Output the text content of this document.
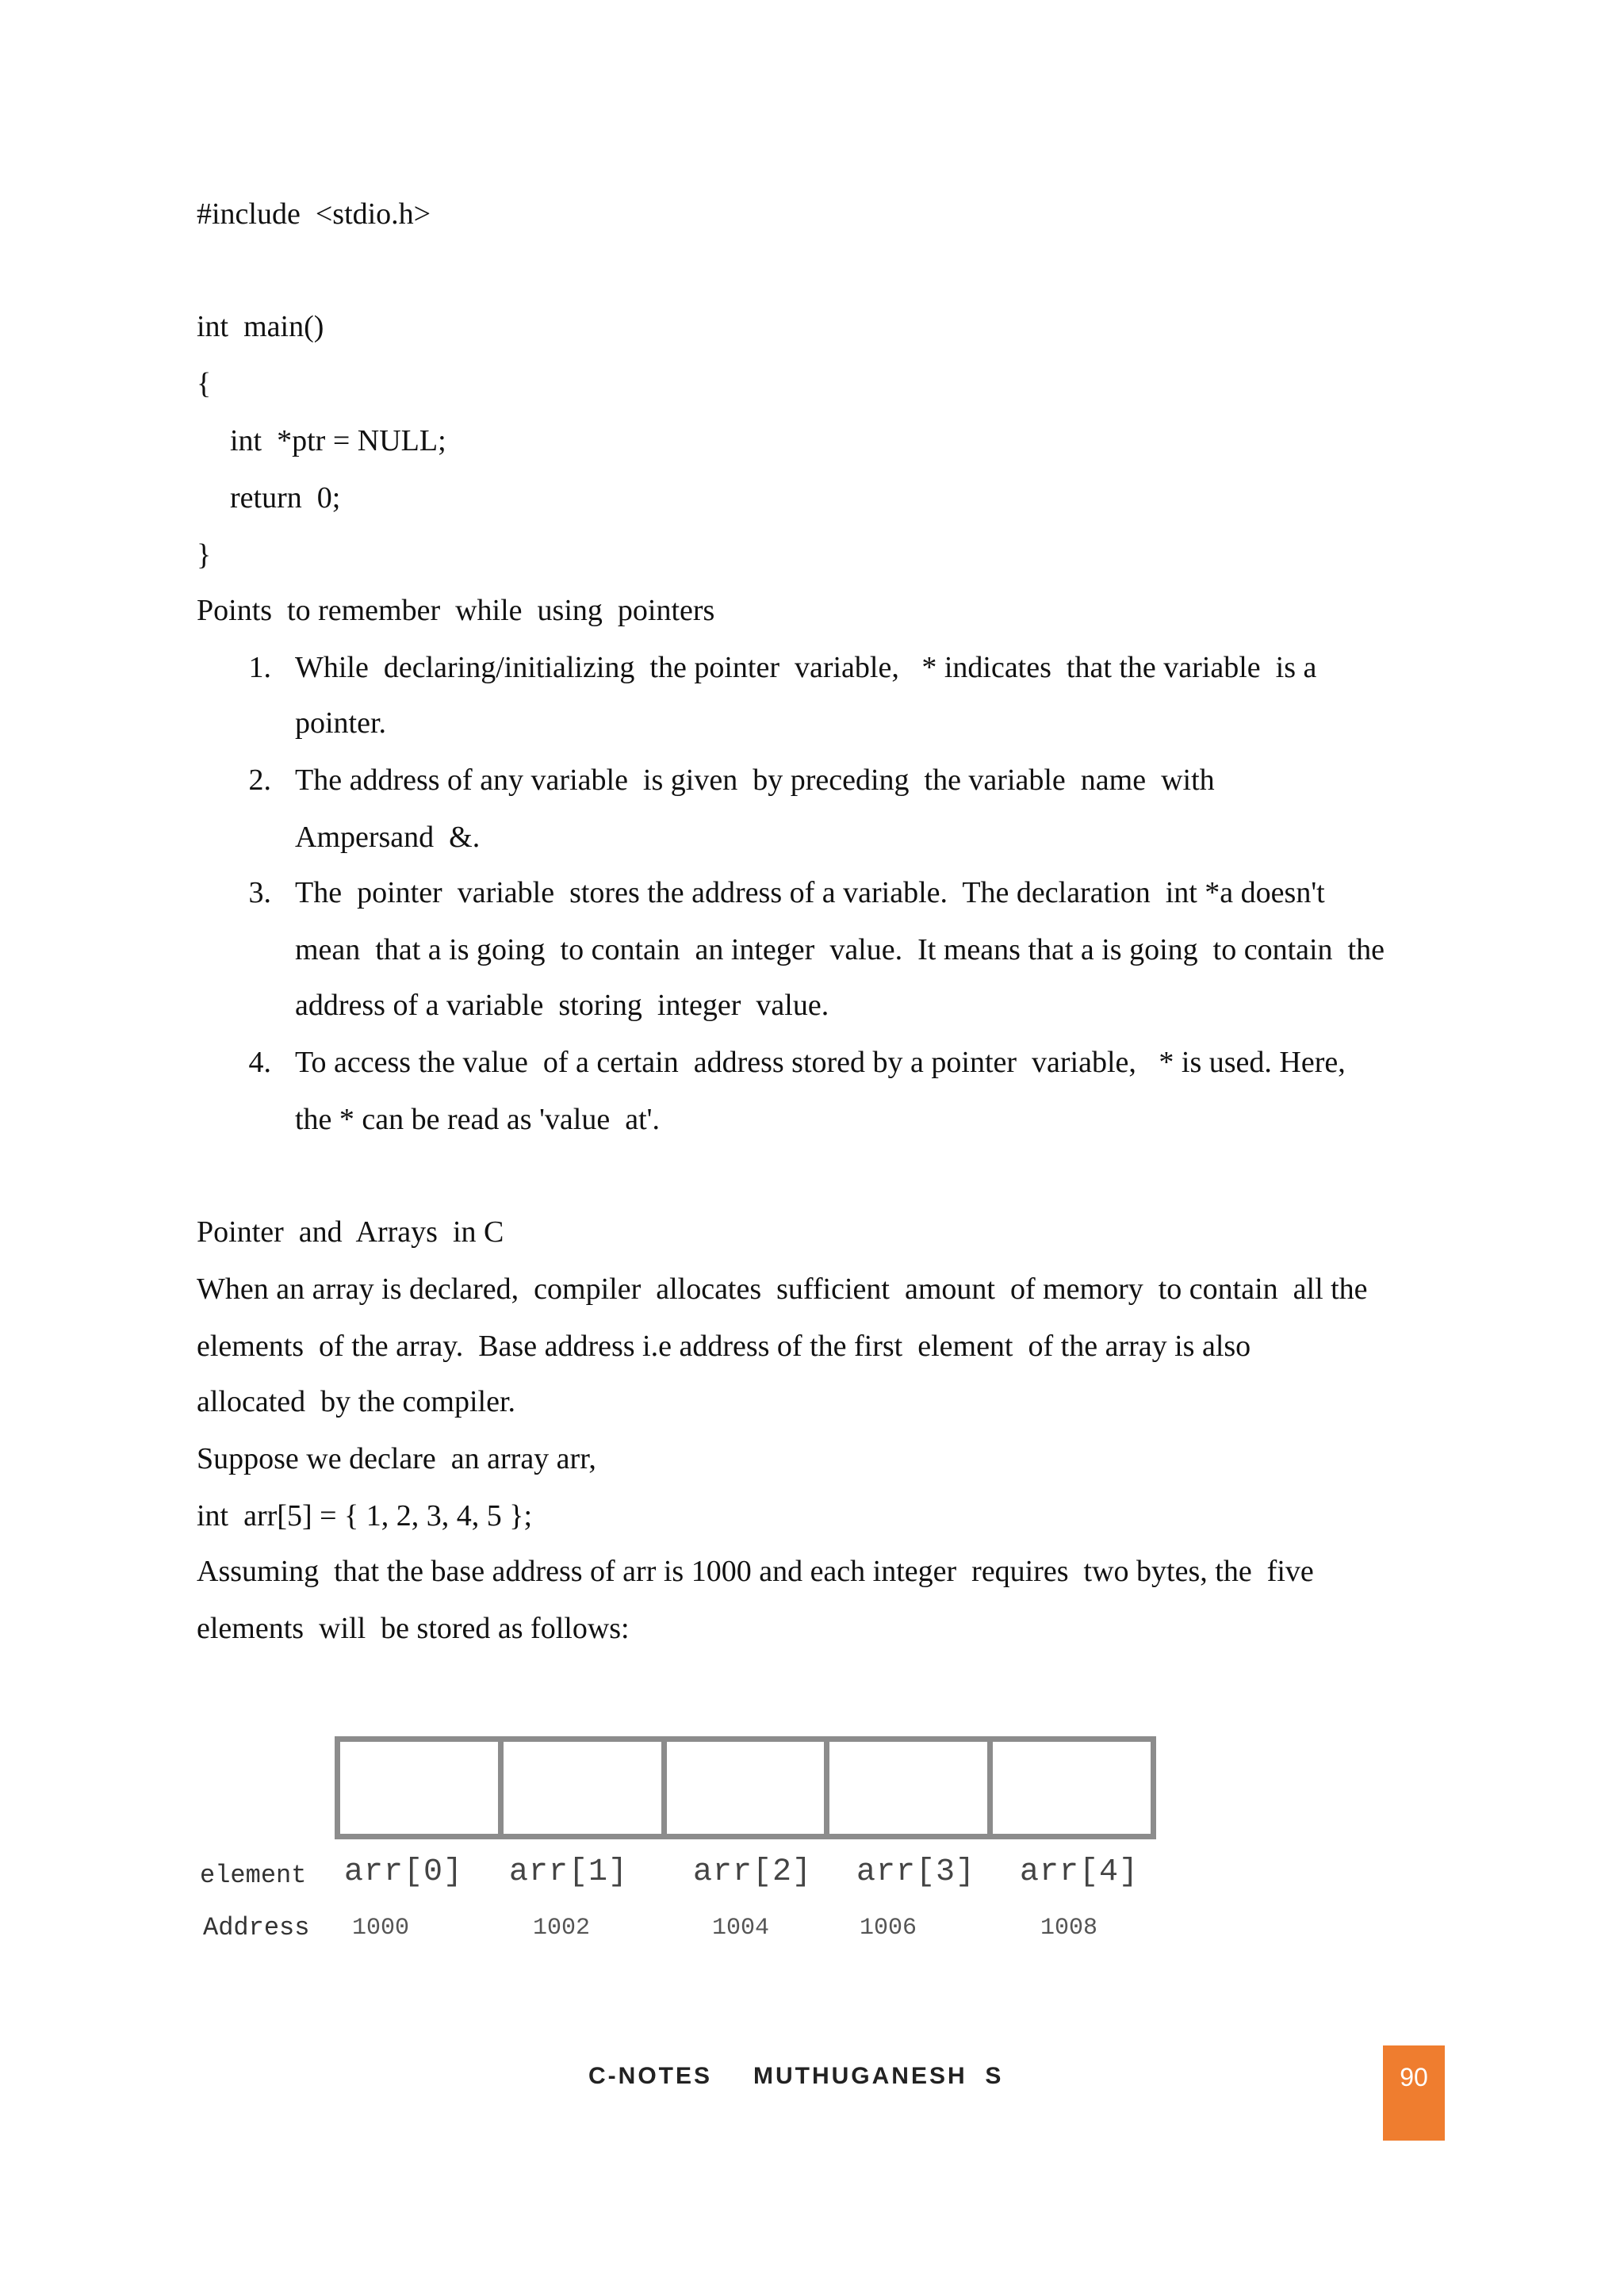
#include  <stdio.h>
int  main()
{
int  *ptr = NULL;
return  0;
}
Points  to remember  while  using  pointers
1. While  declaring/initializing  the pointer  variable,   * indicates  that the variable  is a
pointer.
2. The address of any variable  is given  by preceding  the variable  name  with
Ampersand  &.
3. The  pointer  variable  stores the address of a variable.  The declaration  int *a doesn't
mean  that a is going  to contain  an integer  value.  It means that a is going  to contain  the
address of a variable  storing  integer  value.
4. To access the value  of a certain  address stored by a pointer  variable,   * is used. Here,
the * can be read as 'value  at'.
Pointer  and  Arrays  in C
When an array is declared,  compiler  allocates  sufficient  amount  of memory  to contain  all the
elements  of the array.  Base address i.e address of the first  element  of the array is also
allocated  by the compiler.
Suppose we declare  an array arr,
int  arr[5] = { 1, 2, 3, 4, 5 };
Assuming  that the base address of arr is 1000 and each integer  requires  two bytes, the  five
elements  will  be stored as follows:
element arr[0] arr[1] arr[2] arr[3] arr[4]
Address 1000	1002	1004	1006	1008
C-NOTES MUTHUGANESH  S	90
